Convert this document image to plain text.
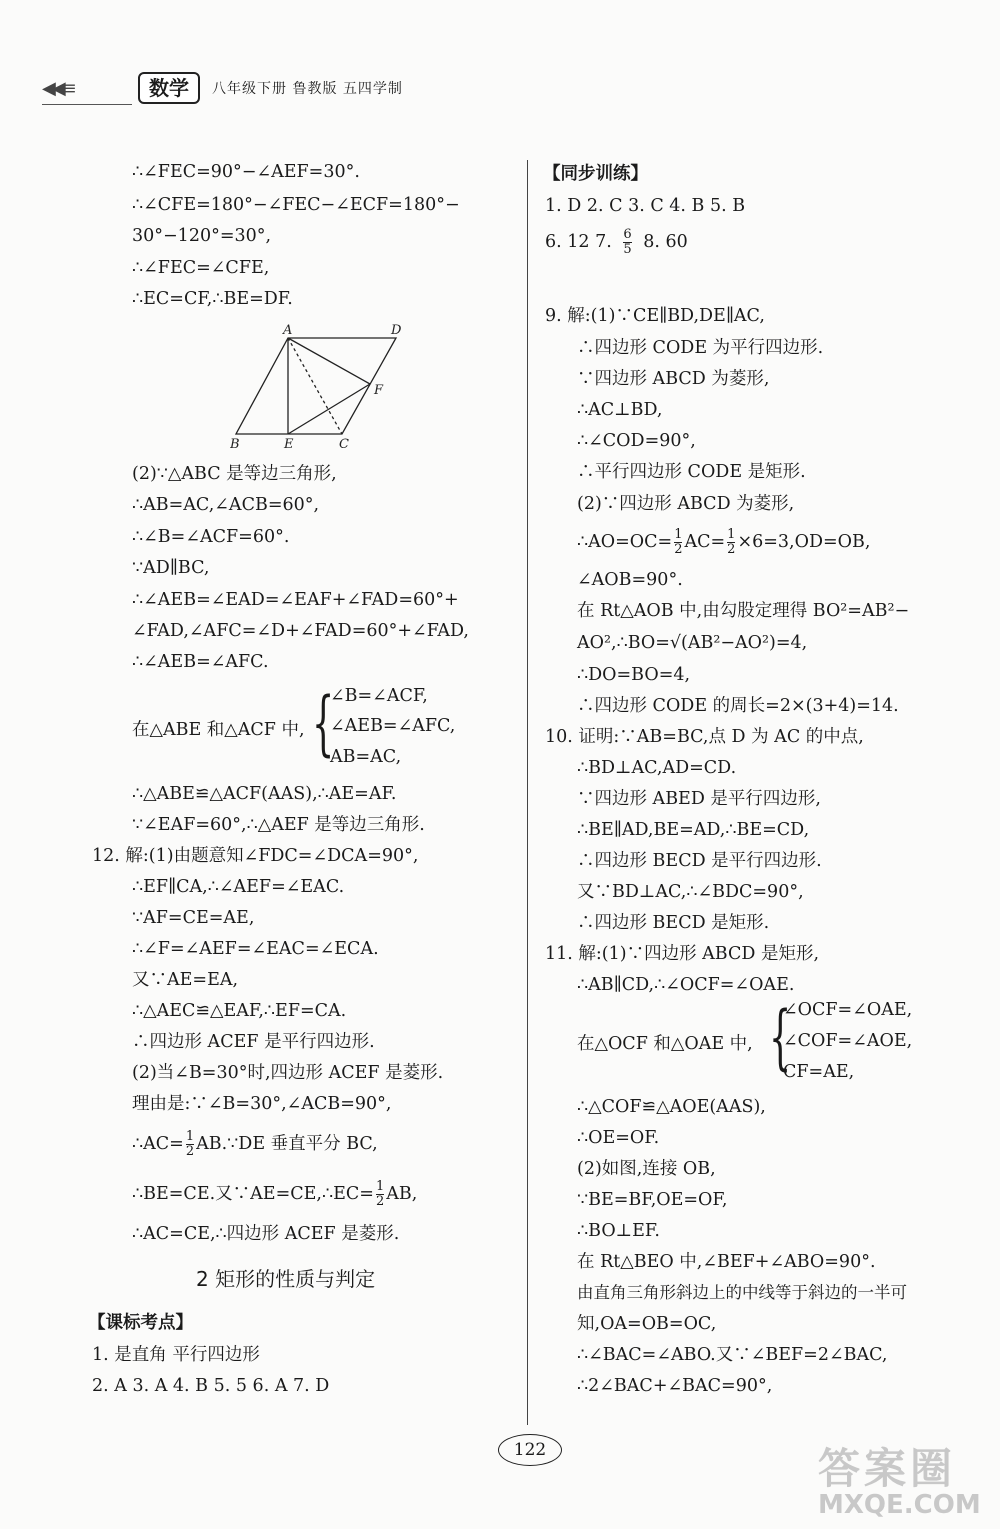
◀◀≡	数学	八年级下册 鲁教版 五四学制
∴∠FEC=90°−∠AEF=30°.
∴∠CFE=180°−∠FEC−∠ECF=180°−
30°−120°=30°,
∴∠FEC=∠CFE,
∴EC=CF,∴BE=DF.
(2)∵△ABC 是等边三角形,
∴AB=AC,∠ACB=60°,
∴∠B=∠ACF=60°.
∵AD∥BC,
∴∠AEB=∠EAD=∠EAF+∠FAD=60°+
∠FAD,∠AFC=∠D+∠FAD=60°+∠FAD,
∴∠AEB=∠AFC.
在△ABE 和△ACF 中, {
∠B=∠ACF,
∠AEB=∠AFC,
AB=AC,
∴△ABE≌△ACF(AAS),∴AE=AF.
∵∠EAF=60°,∴△AEF 是等边三角形.
12. 解:(1)由题意知∠FDC=∠DCA=90°,
∴EF∥CA,∴∠AEF=∠EAC.
∵AF=CE=AE,
∴∠F=∠AEF=∠EAC=∠ECA.
又∵AE=EA,
∴△AEC≌△EAF,∴EF=CA.
∴四边形 ACEF 是平行四边形.
(2)当∠B=30°时,四边形 ACEF 是菱形.
理由是:∵∠B=30°,∠ACB=90°,
∴AC= $\frac{1}{2}$ AB.∵DE 垂直平分 BC,
∴BE=CE.又∵AE=CE,∴EC= $\frac{1}{2}$ AB,
∴AC=CE,∴四边形 ACEF 是菱形.
2 矩形的性质与判定
【课标考点】
1. 是直角 平行四边形
2. A 3. A 4. B 5. 5 6. A 7. D
A	D
B	E	C
F
【同步训练】
1. D 2. C 3. C 4. B 5. B
6. 12 7. $\frac{6}{5} 8$. 60
9. 解:(1)∵CE∥BD,DE∥AC,
∴四边形 CODE 为平行四边形.
∵四边形 ABCD 为菱形,
∴AC⊥BD,
∴∠COD=90°,
∴平行四边形 CODE 是矩形.
(2)∵四边形 ABCD 为菱形,
∴AO=OC= $\frac{1}{2} AC= \frac{1}{2} \times 6=3,OD=OB$,
∠AOB=90°.
在 Rt△AOB 中,由勾股定理得 BO²=AB²−
AO²,∴BO=√(AB²−AO²)=4,
∴DO=BO=4,
∴四边形 CODE 的周长=2×(3+4)=14.
10. 证明:∵AB=BC,点 D 为 AC 的中点,
∴BD⊥AC,AD=CD.
∵四边形 ABED 是平行四边形,
∴BE∥AD,BE=AD,∴BE=CD,
∴四边形 BECD 是平行四边形.
又∵BD⊥AC,∴∠BDC=90°,
∴四边形 BECD 是矩形.
11. 解:(1)∵四边形 ABCD 是矩形,
∴AB∥CD,∴∠OCF=∠OAE.
在△OCF 和△OAE 中, {
∠OCF=∠OAE,
∠COF=∠AOE,
CF=AE,
∴△COF≌△AOE(AAS),
∴OE=OF.
(2)如图,连接 OB,
∵BE=BF,OE=OF,
∴BO⊥EF.
在 Rt△BEO 中,∠BEF+∠ABO=90°.
由直角三角形斜边上的中线等于斜边的一半可
知,OA=OB=OC,
∴∠BAC=∠ABO.又∵∠BEF=2∠BAC,
∴2∠BAC+∠BAC=90°,
122	答案圈
MXQE.COM
